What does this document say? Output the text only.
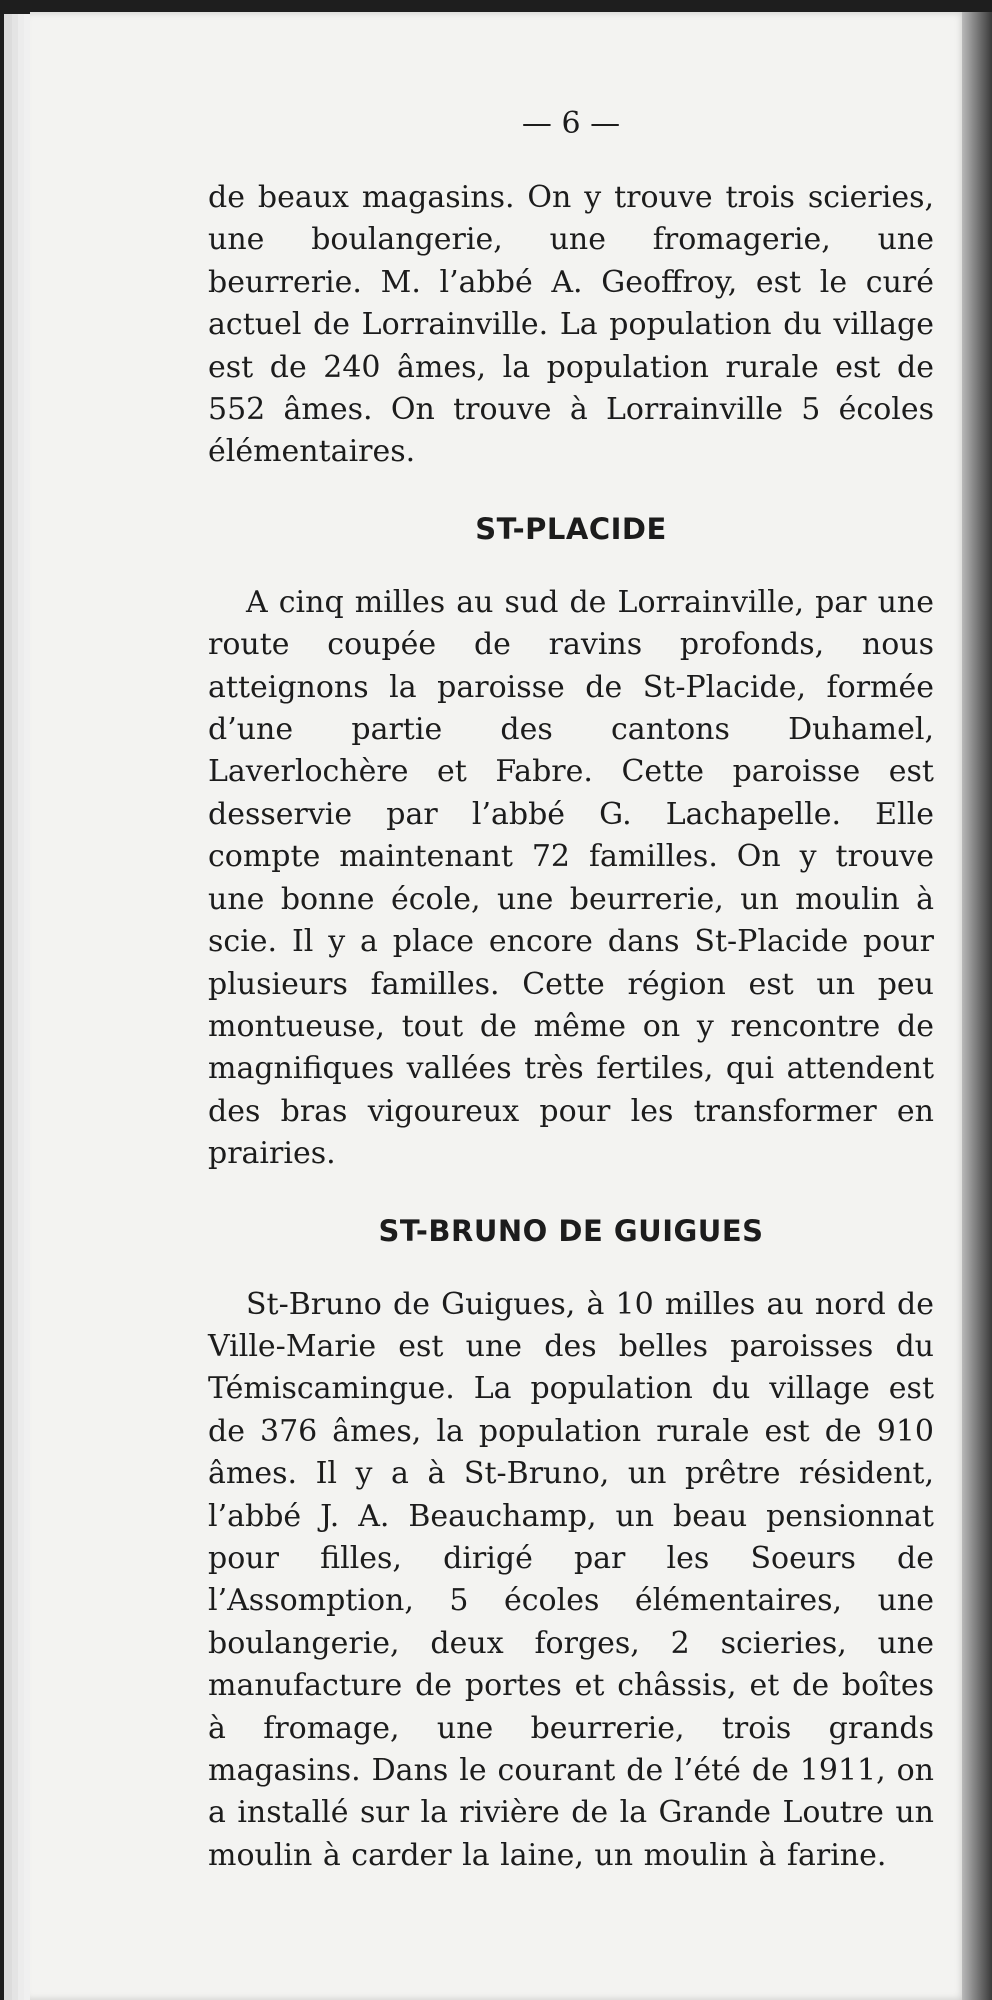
— 6 —

de beaux magasins. On y trouve trois scieries, une boulangerie, une fromagerie, une beurrerie. M. l’abbé A. Geoffroy, est le curé actuel de Lorrainville. La population du village est de 240 âmes, la population rurale est de 552 âmes. On trouve à Lorrainville 5 écoles élémentaires.

ST-PLACIDE

A cinq milles au sud de Lorrainville, par une route coupée de ravins profonds, nous atteignons la paroisse de St-Placide, formée d’une partie des cantons Duhamel, Laverlochère et Fabre. Cette paroisse est desservie par l’abbé G. Lachapelle. Elle compte maintenant 72 familles. On y trouve une bonne école, une beurrerie, un moulin à scie. Il y a place encore dans St-Placide pour plusieurs familles. Cette région est un peu montueuse, tout de même on y rencontre de magnifiques vallées très fertiles, qui attendent des bras vigoureux pour les transformer en prairies.

ST-BRUNO DE GUIGUES

St-Bruno de Guigues, à 10 milles au nord de Ville-Marie est une des belles paroisses du Témiscamingue. La population du village est de 376 âmes, la population rurale est de 910 âmes. Il y a à St-Bruno, un prêtre résident, l’abbé J. A. Beauchamp, un beau pensionnat pour filles, dirigé par les Soeurs de l’Assomption, 5 écoles élémentaires, une boulangerie, deux forges, 2 scieries, une manufacture de portes et châssis, et de boîtes à fromage, une beurrerie, trois grands magasins. Dans le courant de l’été de 1911, on a installé sur la rivière de la Grande Loutre un moulin à carder la laine, un moulin à farine.
